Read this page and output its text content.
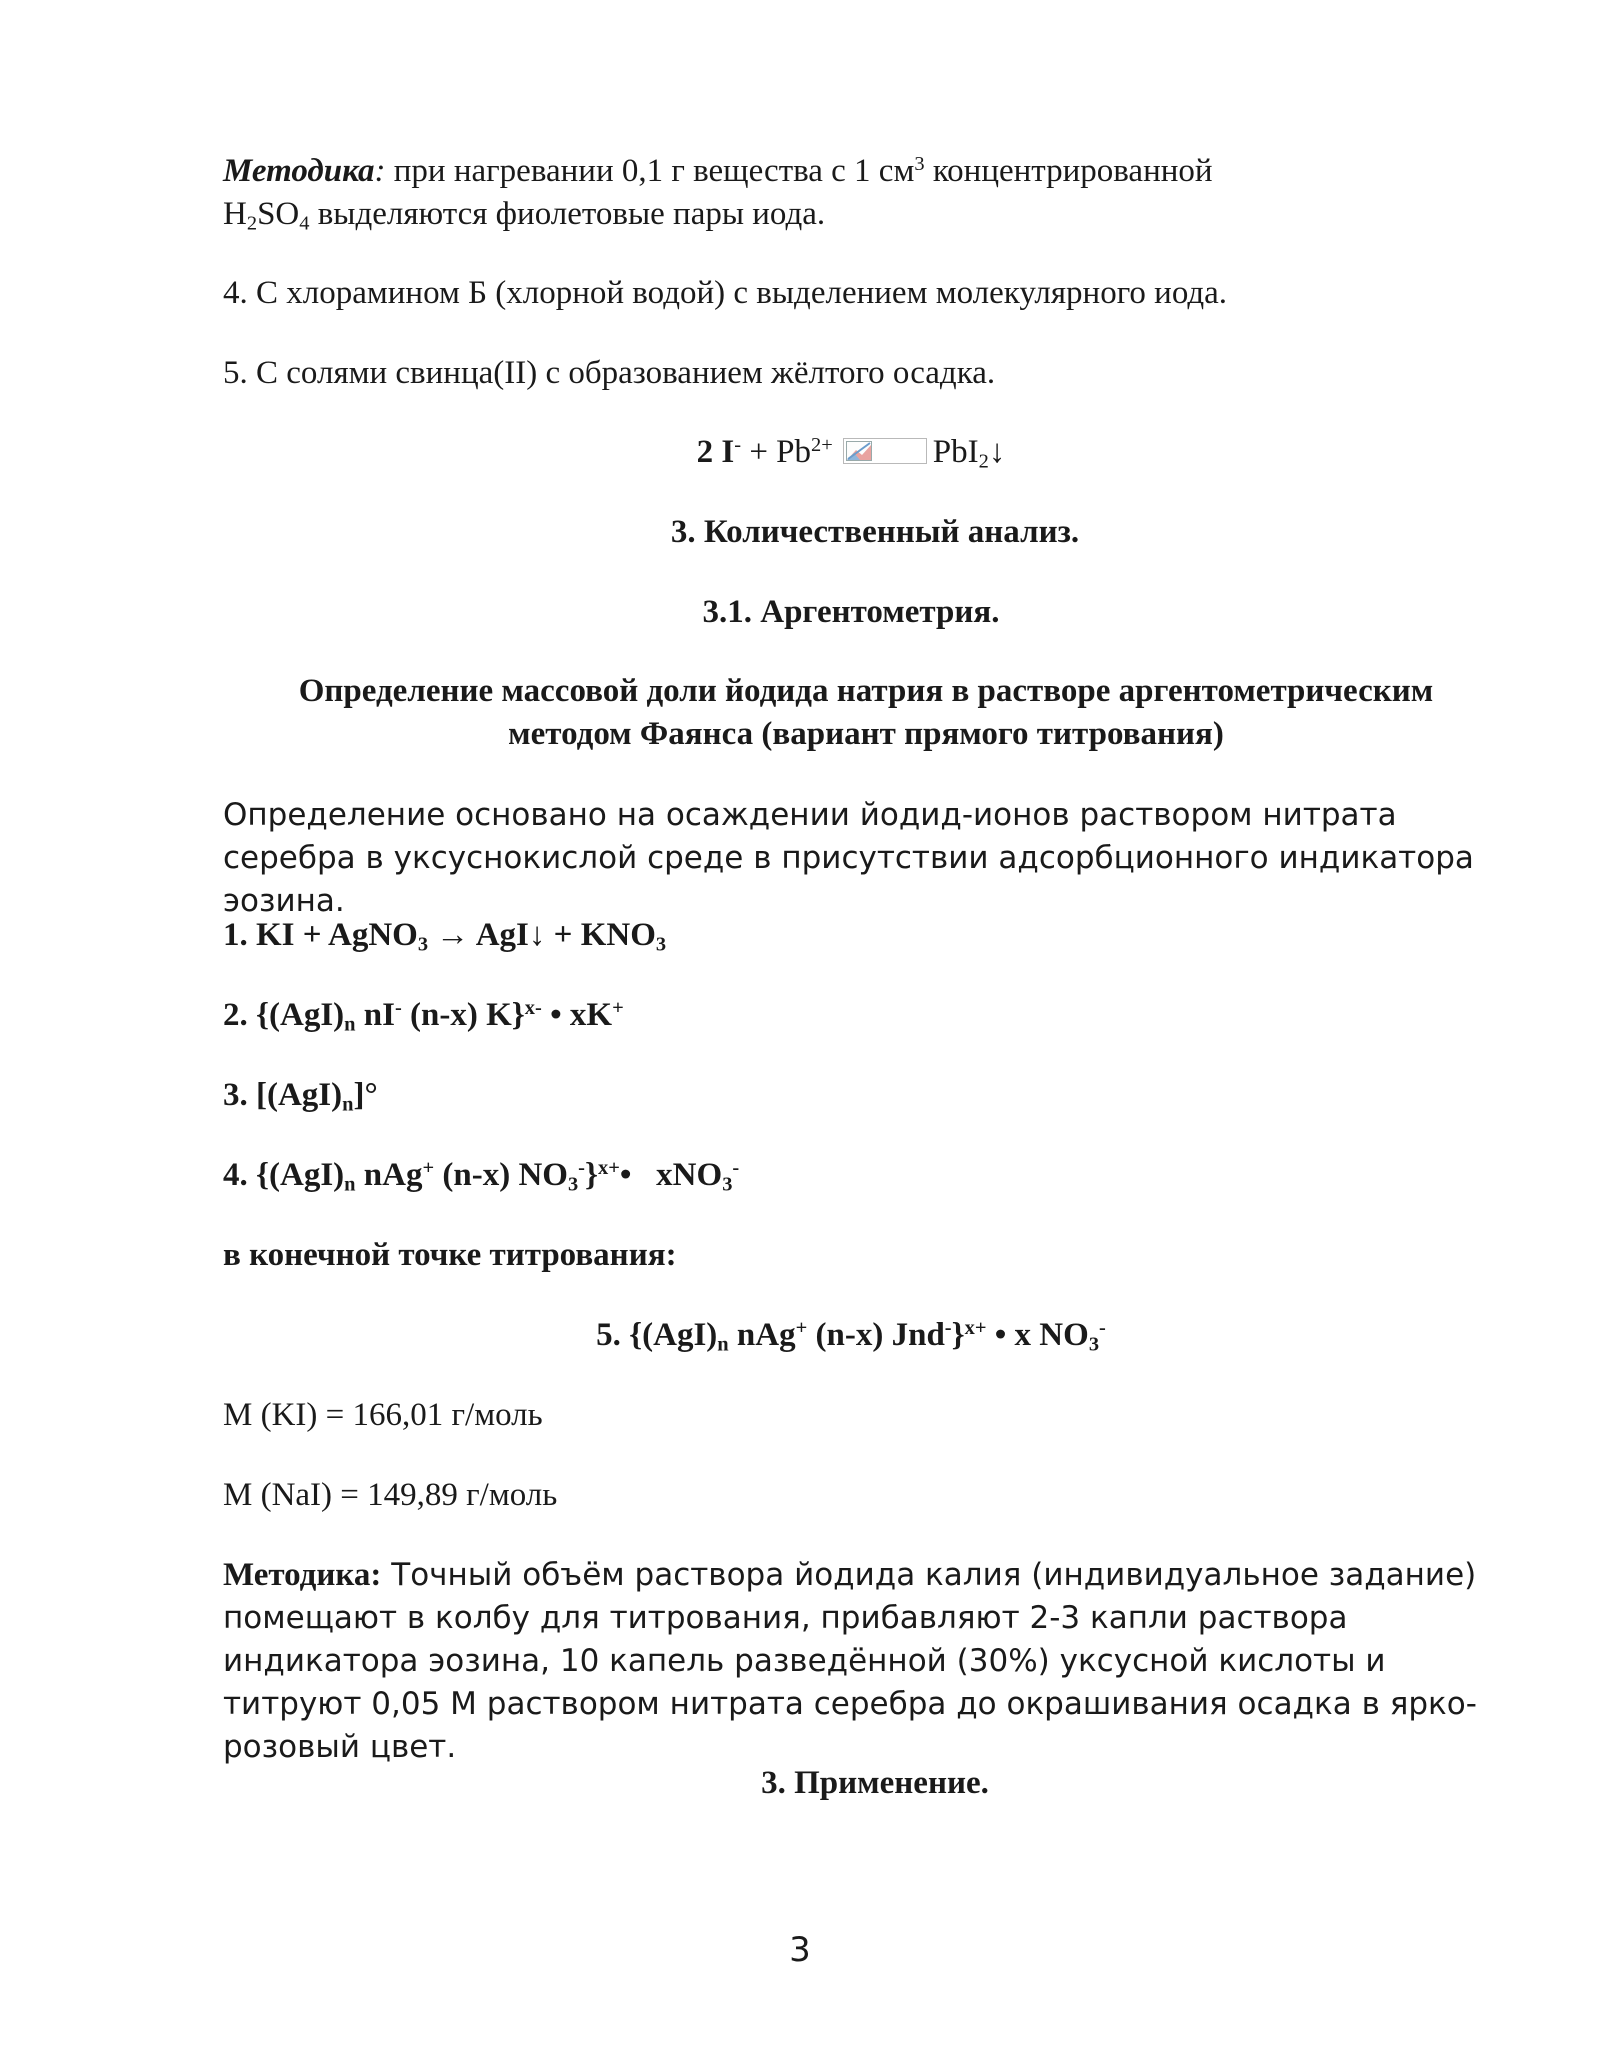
Методика: при нагревании 0,1 г вещества с 1 $см^3$ концентрированной
$H_2SO_4$ выделяются фиолетовые пары иода.
4. С хлорамином Б (хлорной водой) с выделением молекулярного иода.
5. С солями свинца(II) с образованием жёлтого осадка.
2 $I^- + Pb^{2+}$	PbI$_2$↓
3. Количественный анализ.
3.1. Аргентометрия.
Определение массовой доли йодида натрия в растворе аргентометрическим
методом Фаянса (вариант прямого титрования)
Определение основано на осаждении йодид-ионов раствором нитрата серебра в уксуснокислой среде в присутствии адсорбционного индикатора эозина.
1. KI + AgNO$_3$ → AgI↓ + $KNO_3$
2. {$(AgI)_n$ nI- (n-x) K}$^{x-}$ • xK+
3. $[(AgI)_n]^\circ$
4. {$(AgI)_n$ nAg+ (n-x) $NO_3^-\}^{x+}•$   xNO$_3$-
в конечной точке титрования:
5. {$(AgI)_n$ nAg+ (n-x) Jnd-}$^{x+}$ • x $NO_3^-$
M (KI) = 166,01 г/моль
M (NaI) = 149,89 г/моль
Методика: Точный объём раствора йодида калия (индивидуальное задание) помещают в колбу для титрования, прибавляют 2-3 капли раствора индикатора эозина, 10 капель разведённой (30%) уксусной кислоты и титруют 0,05 М раствором нитрата серебра до окрашивания осадка в ярко-розовый цвет.
3. Применение.
3
